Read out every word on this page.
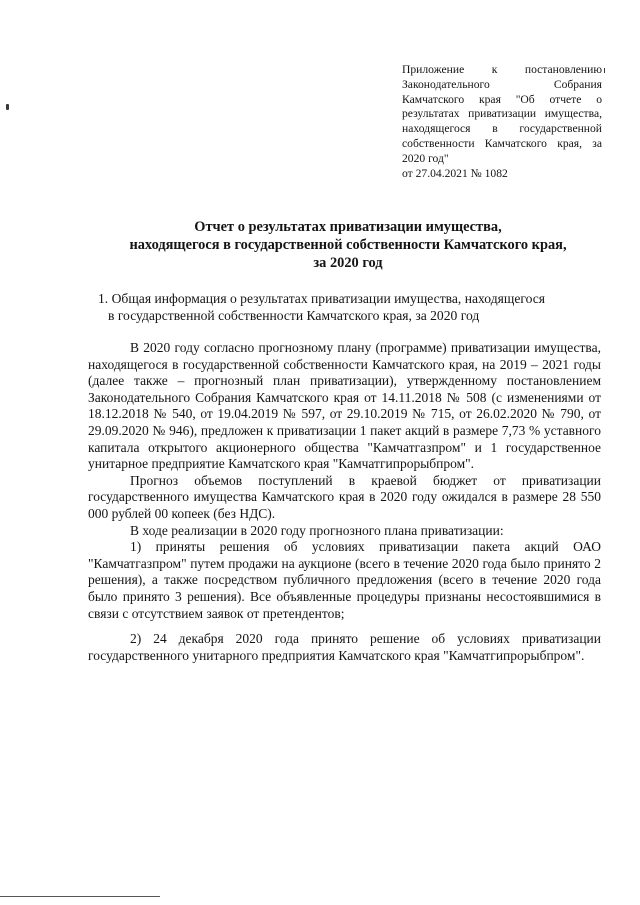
Приложение к постановлению Законодательного Собрания Камчатского края "Об отчете о результатах приватизации имущества, находящегося в государственной собственности Камчатского края, за 2020 год"
от 27.04.2021 № 1082
Отчет о результатах приватизации имущества,
находящегося в государственной собственности Камчатского края,
за 2020 год
1. Общая информация о результатах приватизации имущества, находящегося
в государственной собственности Камчатского края, за 2020 год

В 2020 году согласно прогнозному плану (программе) приватизации имущества, находящегося в государственной собственности Камчатского края, на 2019 – 2021 годы (далее также – прогнозный план приватизации), утвержденному постановлением Законодательного Собрания Камчатского края от 14.11.2018 № 508 (с изменениями от 18.12.2018 № 540, от 19.04.2019 № 597, от 29.10.2019 № 715, от 26.02.2020 № 790, от 29.09.2020 № 946), предложен к приватизации 1 пакет акций в размере 7,73 % уставного капитала открытого акционерного общества "Камчатгазпром" и 1 государственное унитарное предприятие Камчатского края "Камчатгипрорыбпром".

Прогноз объемов поступлений в краевой бюджет от приватизации государственного имущества Камчатского края в 2020 году ожидался в размере 28 550 000 рублей 00 копеек (без НДС).

В ходе реализации в 2020 году прогнозного плана приватизации:

1) приняты решения об условиях приватизации пакета акций ОАО "Камчатгазпром" путем продажи на аукционе (всего в течение 2020 года было принято 2 решения), а также посредством публичного предложения (всего в течение 2020 года было принято 3 решения). Все объявленные процедуры признаны несостоявшимися в связи с отсутствием заявок от претендентов;

2) 24 декабря 2020 года принято решение об условиях приватизации государственного унитарного предприятия Камчатского края "Камчатгипрорыбпром".
